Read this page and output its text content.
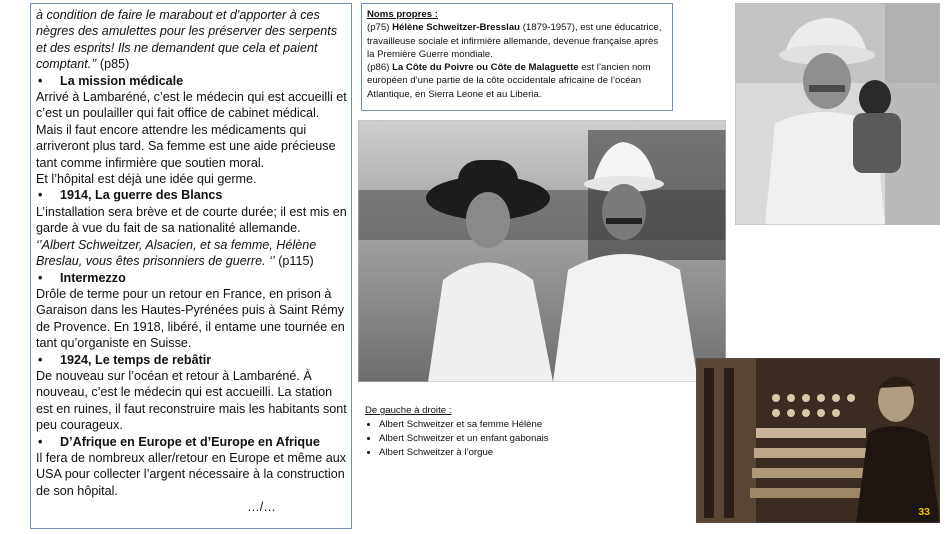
à condition de faire le marabout et d'apporter à ces nègres des amulettes pour les préserver des serpents et des esprits! Ils ne demandent que cela et paient comptant.’’ (p85)

•	La mission médicale

Arrivé à Lambaréné, c’est le médecin qui est accueilli et c’est un poulailler qui fait office de cabinet médical. Mais il faut encore attendre les médicaments qui arriveront plus tard. Sa femme est une aide précieuse tant comme infirmière que soutien moral.

Et l’hôpital est déjà une idée qui germe.

•	1914, La guerre des Blancs

L’installation sera brève et de courte durée; il est mis en garde à vue du fait de sa nationalité allemande.

‘’Albert Schweitzer, Alsacien, et sa femme, Hélène Breslau, vous êtes prisonniers de guerre. ‘’ (p115)

•	Intermezzo

Drôle de terme pour un retour en France, en prison à Garaison dans les Hautes-Pyrénées puis à Saint Rémy de Provence. En 1918, libéré, il entame une tournée en tant qu’organiste en Suisse.

•	1924, Le temps de rebâtir

De nouveau sur l’océan et retour à Lambaréné. À nouveau, c’est le médecin qui est accueilli. La station est en ruines, il faut reconstruire mais les habitants sont peu courageux.

•	D’Afrique en Europe et d’Europe en Afrique

Il fera de nombreux aller/retour en Europe et même aux USA pour collecter l’argent nécessaire à la construction de son hôpital.

…/…

Noms propres :
(p75) Hélène Schweitzer-Bresslau (1879-1957), est une éducatrice, travailleuse sociale et infirmière allemande, devenue française après la Première Guerre mondiale.
(p86) La Côte du Poivre ou Côte de Malaguette est l’ancien nom européen d’une partie de la côte occidentale africaine de l’océan Atlantique, en Sierra Leone et au Liberia.
33
De gauche à droite :
• Albert Schweitzer et sa femme Hélène
• Albert Schweitzer et un enfant gabonais
• Albert Schweitzer à l’orgue
